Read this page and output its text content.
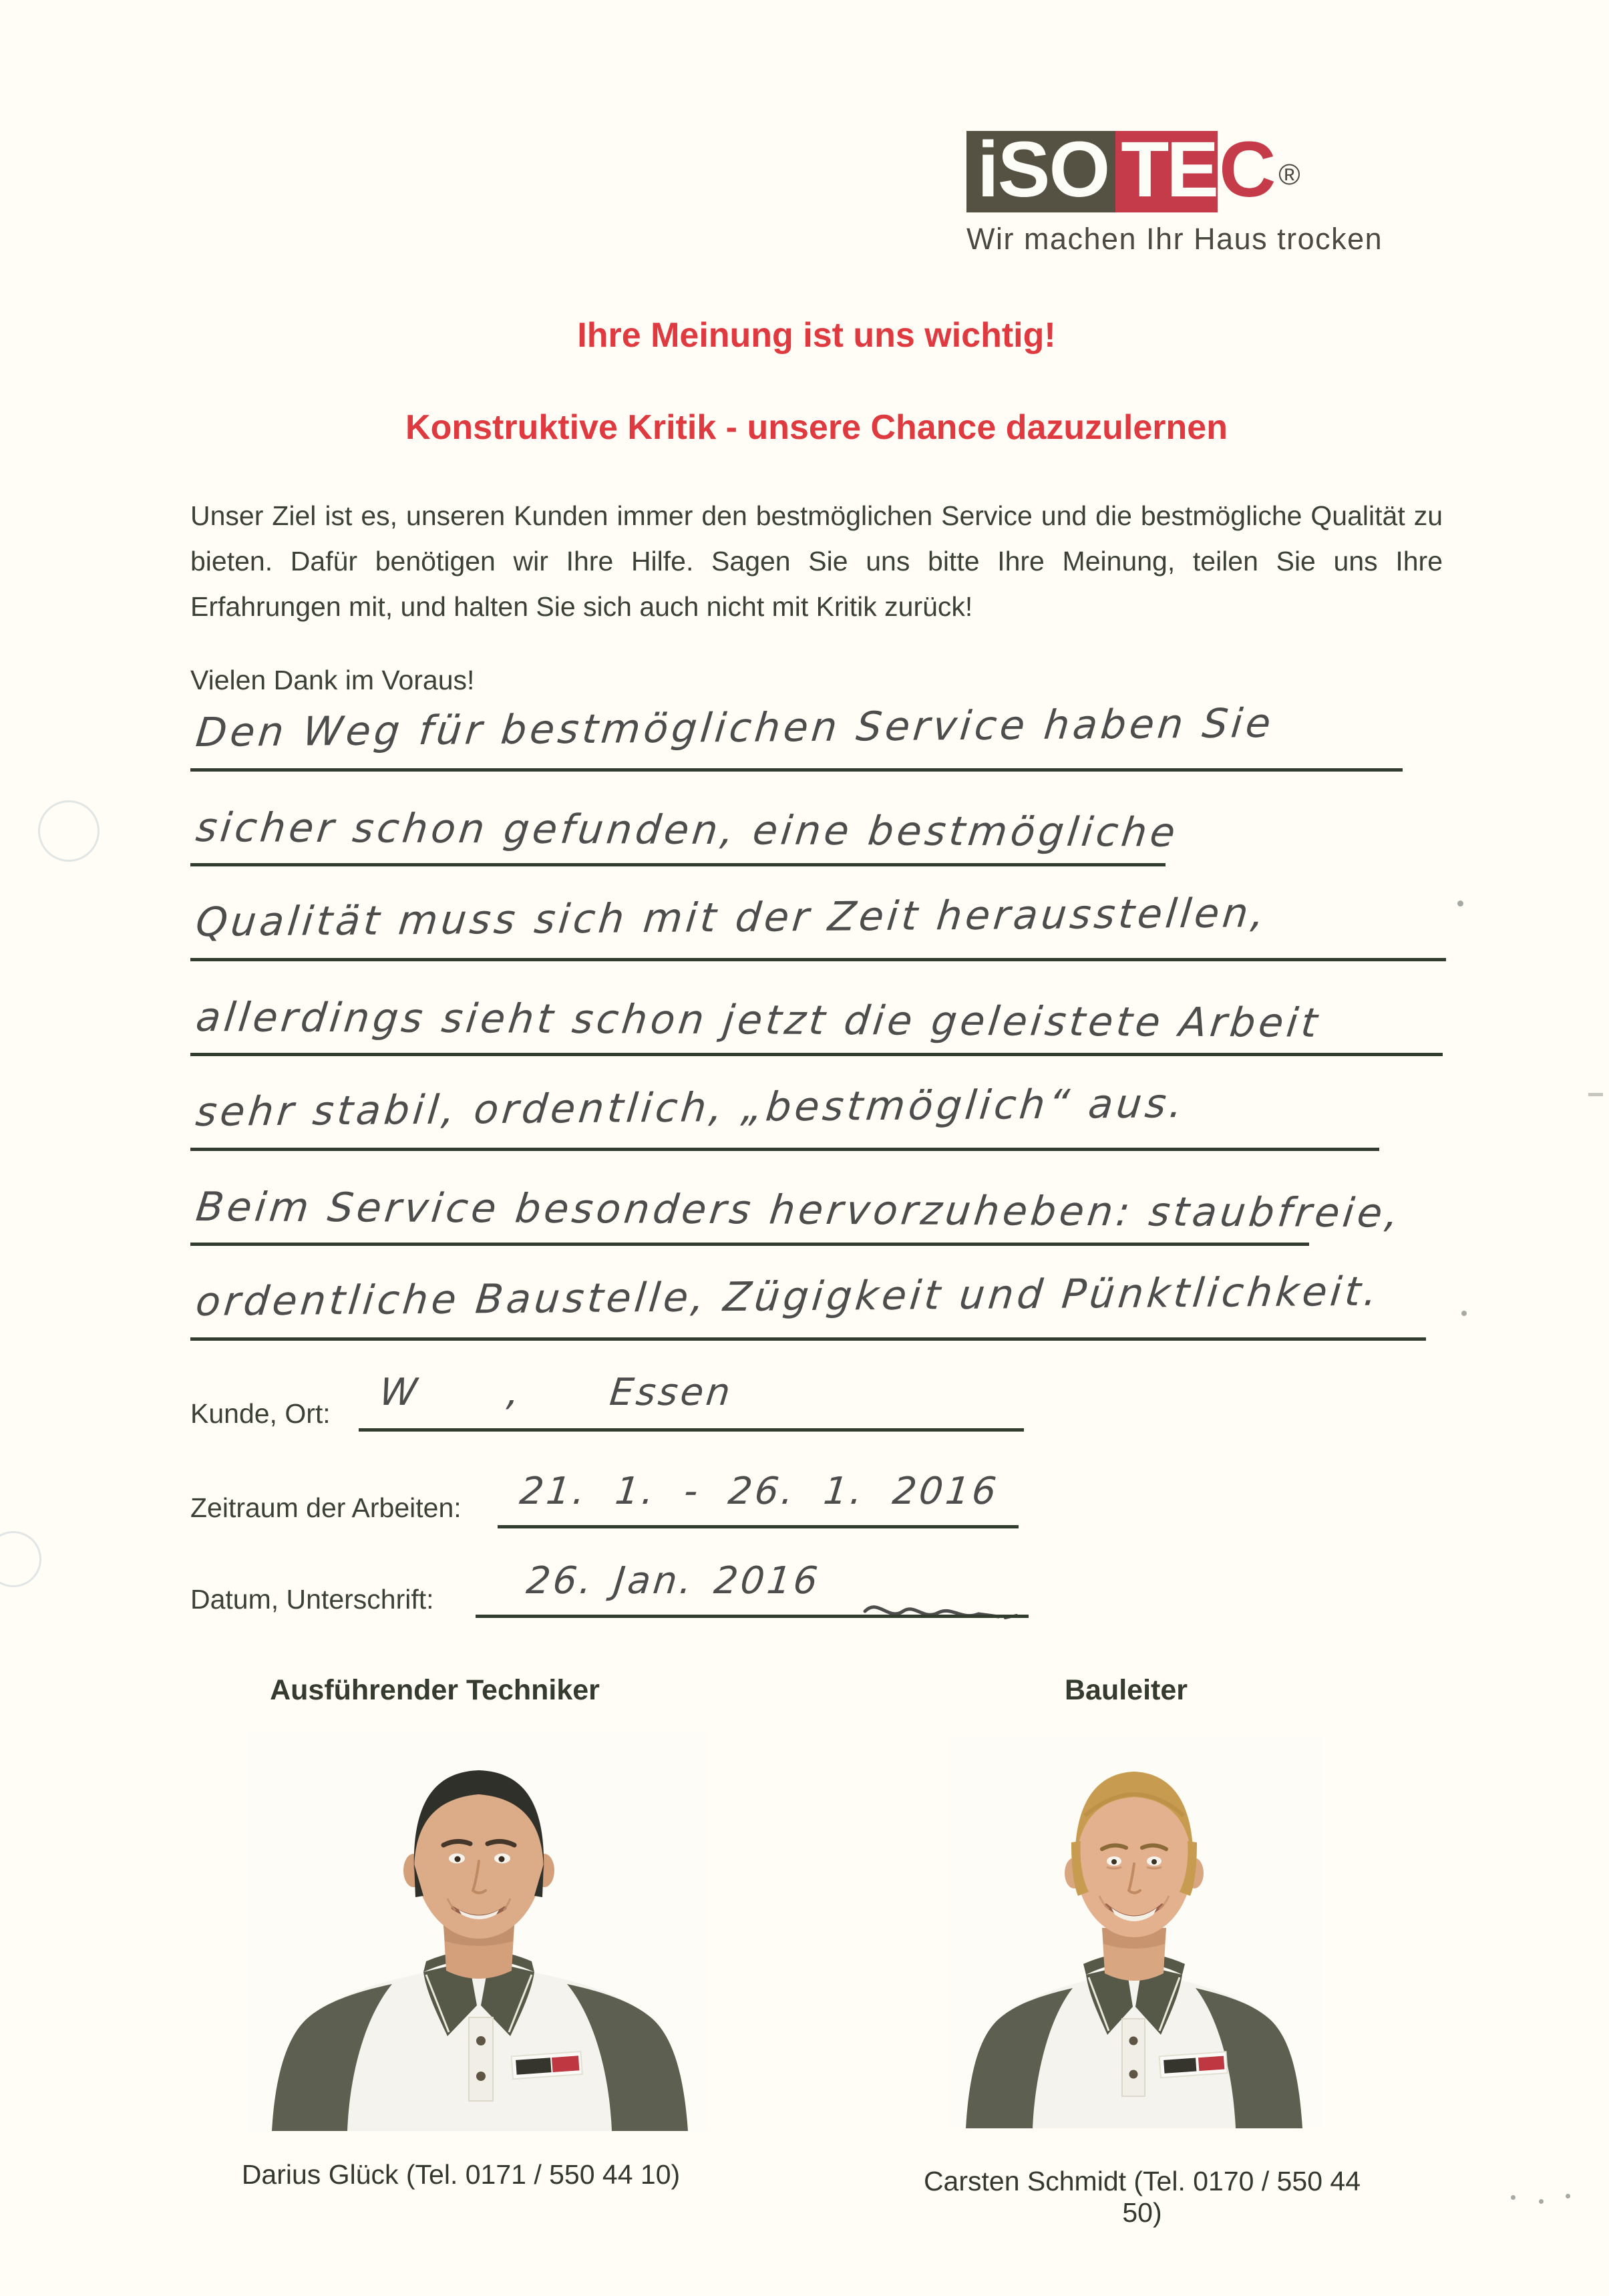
iSO TE C ®
Wir machen Ihr Haus trocken
Ihre Meinung ist uns wichtig!
Konstruktive Kritik - unsere Chance dazuzulernen
Unser Ziel ist es, unseren Kunden immer den bestmöglichen Service und die bestmögliche Qualität zu bieten. Dafür benötigen wir Ihre Hilfe. Sagen Sie uns bitte Ihre Meinung, teilen Sie uns Ihre Erfahrungen mit, und halten Sie sich auch nicht mit Kritik zurück!
Vielen Dank im Voraus!
Den Weg für bestmöglichen Service haben Sie
sicher schon gefunden, eine bestmögliche
Qualität muss sich mit der Zeit herausstellen,
allerdings sieht schon jetzt die geleistete Arbeit
sehr stabil, ordentlich, „bestmöglich“ aus.
Beim Service besonders hervorzuheben: staubfreie,
ordentliche Baustelle, Zügigkeit und Pünktlichkeit.
Kunde, Ort: W , Essen
Zeitraum der Arbeiten: 21. 1. - 26. 1. 2016
Datum, Unterschrift: 26. Jan. 2016
Ausführender Techniker	Bauleiter
Darius Glück (Tel. 0171 / 550 44 10)	Carsten Schmidt (Tel. 0170 / 550 44 50)
